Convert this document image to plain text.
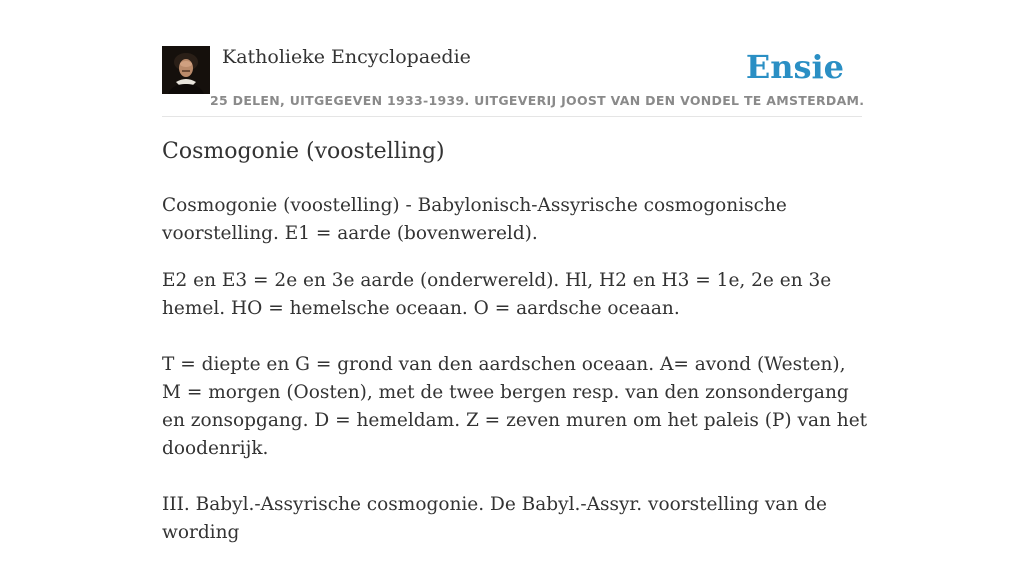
Katholieke Encyclopaedie
25 DELEN, UITGEGEVEN 1933-1939. UITGEVERIJ JOOST VAN DEN VONDEL TE AMSTERDAM.
Ensie
Cosmogonie (voostelling)

Cosmogonie (voostelling) - Babylonisch-Assyrische cosmogonische voorstelling. E1 = aarde (bovenwereld).

E2 en E3 = 2e en 3e aarde (onderwereld). Hl, H2 en H3 = 1e, 2e en 3e hemel. HO = hemelsche oceaan. O = aardsche oceaan.

T = diepte en G = grond van den aardschen oceaan. A= avond (Westen), M = morgen (Oosten), met de twee bergen resp. van den zonsondergang en zonsopgang. D = hemeldam. Z = zeven muren om het paleis (P) van het doodenrijk.

III. Babyl.-Assyrische cosmogonie. De Babyl.-Assyr. voorstelling van de wording
